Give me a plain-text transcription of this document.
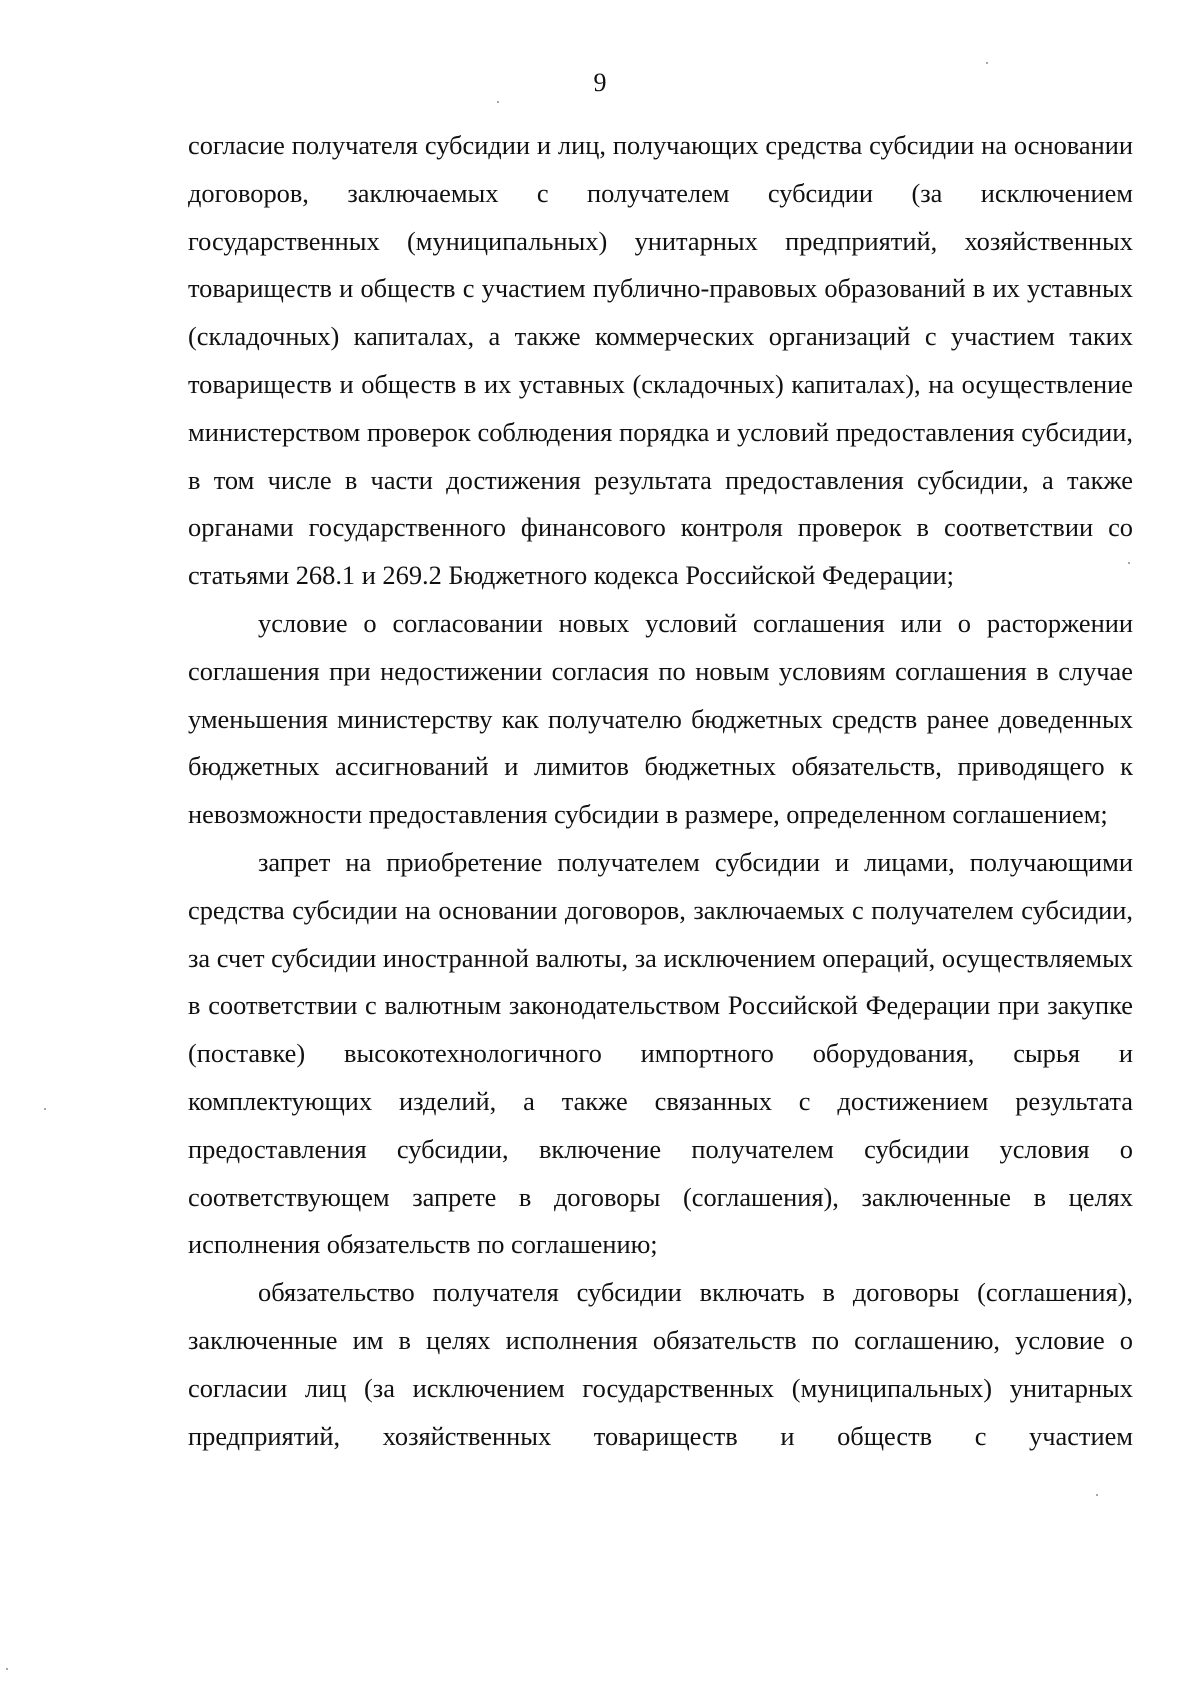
9

согласие получателя субсидии и лиц, получающих средства субсидии на основании договоров, заключаемых с получателем субсидии (за исключением государственных (муниципальных) унитарных предприятий, хозяйственных товариществ и обществ с участием публично-правовых образований в их уставных (складочных) капиталах, а также коммерческих организаций с участием таких товариществ и обществ в их уставных (складочных) капиталах), на осуществление министерством проверок соблюдения порядка и условий предоставления субсидии, в том числе в части достижения результата предоставления субсидии, а также органами государственного финансового контроля проверок в соответствии со статьями 268.1 и 269.2 Бюджетного кодекса Российской Федерации;

условие о согласовании новых условий соглашения или о расторжении соглашения при недостижении согласия по новым условиям соглашения в случае уменьшения министерству как получателю бюджетных средств ранее доведенных бюджетных ассигнований и лимитов бюджетных обязательств, приводящего к невозможности предоставления субсидии в размере, определенном соглашением;

запрет на приобретение получателем субсидии и лицами, получающими средства субсидии на основании договоров, заключаемых с получателем субсидии, за счет субсидии иностранной валюты, за исключением операций, осуществляемых в соответствии с валютным законодательством Российской Федерации при закупке (поставке) высокотехнологичного импортного оборудования, сырья и комплектующих изделий, а также связанных с достижением результата предоставления субсидии, включение получателем субсидии условия о соответствующем запрете в договоры (соглашения), заключенные в целях исполнения обязательств по соглашению;

обязательство получателя субсидии включать в договоры (соглашения), заключенные им в целях исполнения обязательств по соглашению, условие о согласии лиц (за исключением государственных (муниципальных) унитарных предприятий, хозяйственных товариществ и обществ с участием
